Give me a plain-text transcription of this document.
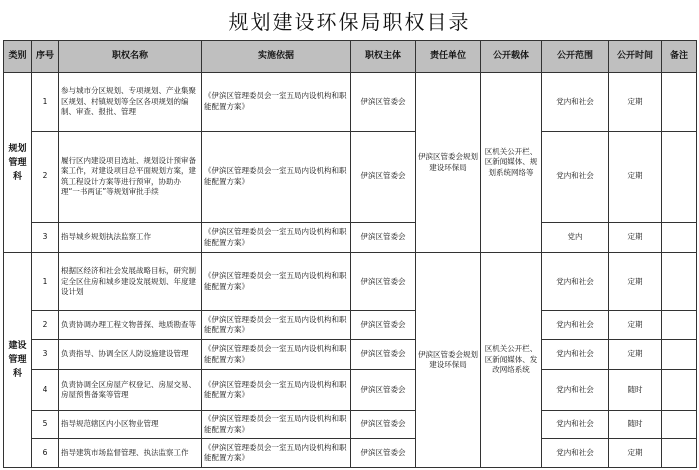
规划建设环保局职权目录
类别	序号	职权名称	实施依据	职权主体	责任单位	公开载体	公开范围	公开时间	备注
规划管理科	1	参与城市分区规划、专项规划、产业集聚区规划、村镇规划等全区各项规划的编制、审查、报批、管理	《伊滨区管理委员会一室五局内设机构和职能配置方案》	伊滨区管委会	伊滨区管委会规划建设环保局	区机关公开栏、区新闻媒体、规划系统网络等	党内和社会	定期	
	2	履行区内建设项目选址、规划设计预审备案工作，对建设项目总平面规划方案，建筑工程设计方案等进行预审，协助办理“一书两证”等规划审批手续	《伊滨区管理委员会一室五局内设机构和职能配置方案》	伊滨区管委会			党内和社会	定期	
	3	指导城乡规划执法监察工作	《伊滨区管理委员会一室五局内设机构和职能配置方案》	伊滨区管委会			党内	定期	
建设管理科	1	根据区经济和社会发展战略目标，研究制定全区住房和城乡建设发展规划、年度建设计划	《伊滨区管理委员会一室五局内设机构和职能配置方案》	伊滨区管委会	伊滨区管委会规划建设环保局	区机关公开栏、区新闻媒体、发改网络系统	党内和社会	定期	
	2	负责协调办理工程文物普探、地质勘查等	《伊滨区管理委员会一室五局内设机构和职能配置方案》	伊滨区管委会			党内和社会	定期	
	3	负责指导、协调全区人防设施建设管理	《伊滨区管理委员会一室五局内设机构和职能配置方案》	伊滨区管委会			党内和社会	定期	
	4	负责协调全区房屋产权登记、房屋交易、房屋预售备案等管理	《伊滨区管理委员会一室五局内设机构和职能配置方案》	伊滨区管委会			党内和社会	随时	
	5	指导规范辖区内小区物业管理	《伊滨区管理委员会一室五局内设机构和职能配置方案》	伊滨区管委会			党内和社会	随时	
	6	指导建筑市场监督管理、执法监察工作	《伊滨区管理委员会一室五局内设机构和职能配置方案》	伊滨区管委会			党内和社会	定期	
